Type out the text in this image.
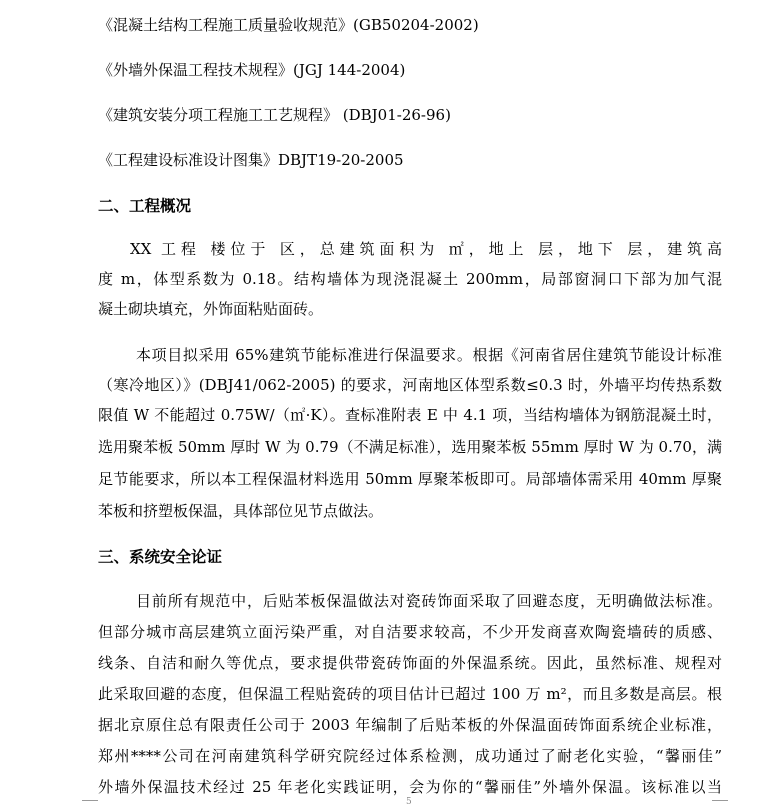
《混凝土结构工程施工质量验收规范》(GB50204-2002)
《外墙外保温工程技术规程》(JGJ 144-2004)
《建筑安装分项工程施工工艺规程》 (DBJ01-26-96)
《工程建设标准设计图集》DBJT19-20-2005
二、工程概况
XX 工程 楼位于 区，总建筑面积为 ㎡，地上 层，地下 层，建筑高
度 m，体型系数为 0.18。结构墙体为现浇混凝土 200mm，局部窗洞口下部为加气混
凝土砌块填充，外饰面粘贴面砖。
本项目拟采用 65%建筑节能标准进行保温要求。根据《河南省居住建筑节能设计标准
（寒冷地区）》(DBJ41/062-2005) 的要求，河南地区体型系数≤0.3 时，外墙平均传热系数
限值 W 不能超过 0.75W/（㎡·K）。查标准附表 E 中 4.1 项，当结构墙体为钢筋混凝土时，
选用聚苯板 50mm 厚时 W 为 0.79（不满足标准），选用聚苯板 55mm 厚时 W 为 0.70，满
足节能要求，所以本工程保温材料选用 50mm 厚聚苯板即可。局部墙体需采用 40mm 厚聚
苯板和挤塑板保温，具体部位见节点做法。
三、系统安全论证
目前所有规范中，后贴苯板保温做法对瓷砖饰面采取了回避态度，无明确做法标准。
但部分城市高层建筑立面污染严重，对自洁要求较高，不少开发商喜欢陶瓷墙砖的质感、
线条、自洁和耐久等优点，要求提供带瓷砖饰面的外保温系统。因此，虽然标准、规程对
此采取回避的态度，但保温工程贴瓷砖的项目估计已超过 100 万 m²，而且多数是高层。根
据北京原住总有限责任公司于 2003 年编制了后贴苯板的外保温面砖饰面系统企业标准，
郑州****公司在河南建筑科学研究院经过体系检测，成功通过了耐老化实验，“馨丽佳”
外墙外保温技术经过 25 年老化实践证明，会为你的“馨丽佳”外墙外保温。该标准以当
5
